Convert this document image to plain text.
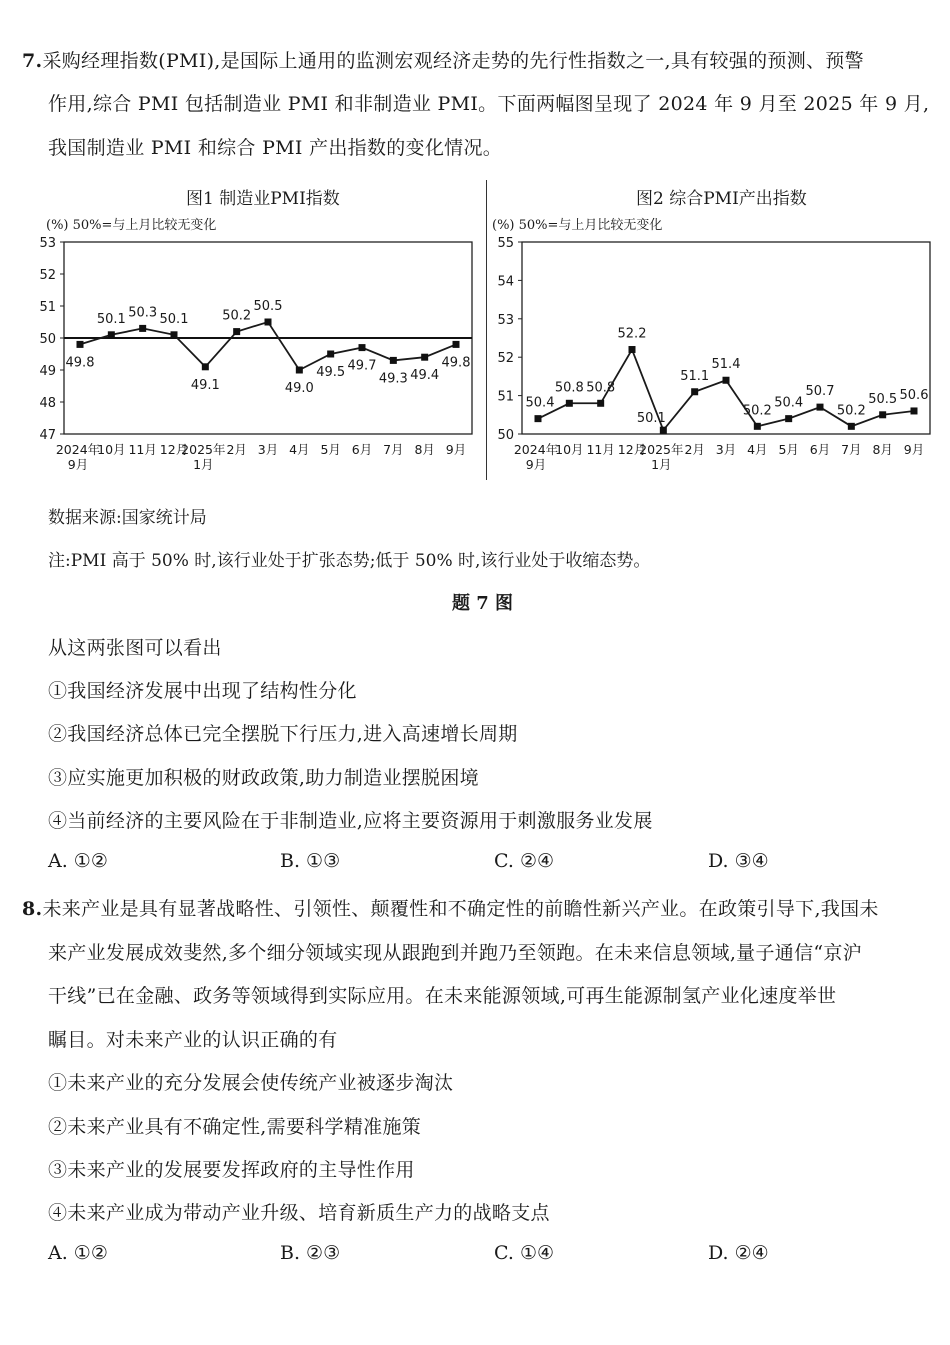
7.采购经理指数(PMI),是国际上通用的监测宏观经济走势的先行性指数之一,具有较强的预测、预警
作用,综合 PMI 包括制造业 PMI 和非制造业 PMI。下面两幅图呈现了 2024 年 9 月至 2025 年 9 月,
我国制造业 PMI 和综合 PMI 产出指数的变化情况。
图1 制造业PMI指数
(%) 50%=与上月比较无变化
47
48
49
50
51
52
53
2024年
9月
10月 11月 12月
2025年
1月
2月 3月 4月 5月 6月 7月 8月 9月
49.8
50.1 50.3 50.1
49.1
50.2
50.5
49.0
49.5 49.7
49.3 49.4
49.8
图2 综合PMI产出指数
(%) 50%=与上月比较无变化
50
51
52
53
54
55
2024年
9月
10月 11月 12月
2025年
1月
2月 3月 4月 5月 6月 7月 8月 9月
50.4
50.8 50.8
52.2
50.1
51.1
51.4
50.2
50.4
50.7
50.2
50.5 50.6
数据来源:国家统计局
注:PMI 高于 50% 时,该行业处于扩张态势;低于 50% 时,该行业处于收缩态势。
题 7 图
从这两张图可以看出
①我国经济发展中出现了结构性分化
②我国经济总体已完全摆脱下行压力,进入高速增长周期
③应实施更加积极的财政政策,助力制造业摆脱困境
④当前经济的主要风险在于非制造业,应将主要资源用于刺激服务业发展
A. ①②	B. ①③	C. ②④	D. ③④
8.未来产业是具有显著战略性、引领性、颠覆性和不确定性的前瞻性新兴产业。在政策引导下,我国未
来产业发展成效斐然,多个细分领域实现从跟跑到并跑乃至领跑。在未来信息领域,量子通信“京沪
干线”已在金融、政务等领域得到实际应用。在未来能源领域,可再生能源制氢产业化速度举世
瞩目。对未来产业的认识正确的有
①未来产业的充分发展会使传统产业被逐步淘汰
②未来产业具有不确定性,需要科学精准施策
③未来产业的发展要发挥政府的主导性作用
④未来产业成为带动产业升级、培育新质生产力的战略支点
A. ①②	B. ②③	C. ①④	D. ②④
